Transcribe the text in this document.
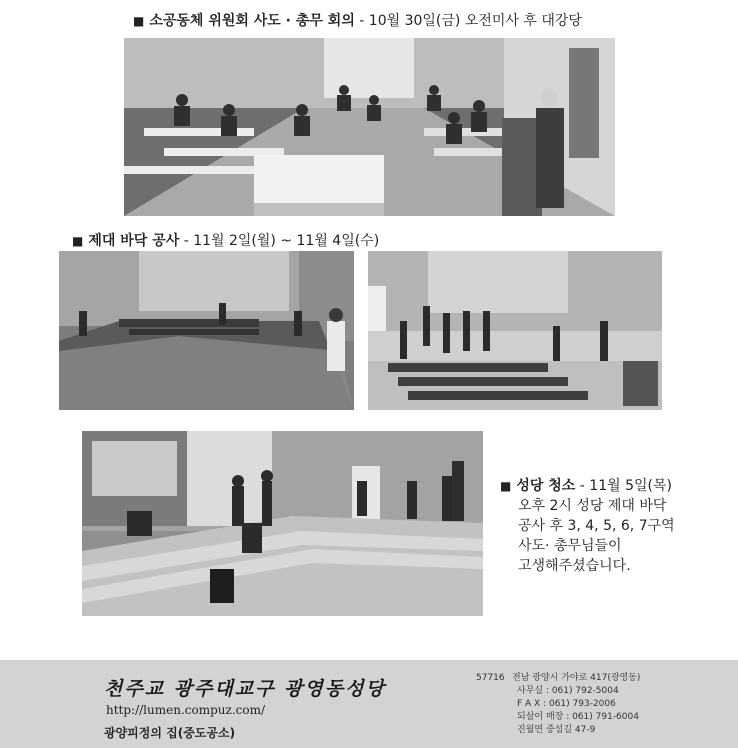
■ 소공동체 위원회 사도 · 총무 회의 - 10월 30일(금) 오전미사 후 대강당
■ 제대 바닥 공사 - 11월 2일(월) ~ 11월 4일(수)
■ 성당 청소 - 11월 5일(목)
오후 2시 성당 제대 바닥
공사 후 3, 4, 5, 6, 7구역
사도· 총무님들이
고생해주셨습니다.
천주교 광주대교구 광영동성당
http://lumen.compuz.com/
광양피정의 집(중도공소)
57716 전남 광양시 가야로 417(광영동)
사무실 : 061) 792-5004
F A X : 061) 793-2006
되살이 매장 : 061) 791-6004
진월면 중섬길 47-9
